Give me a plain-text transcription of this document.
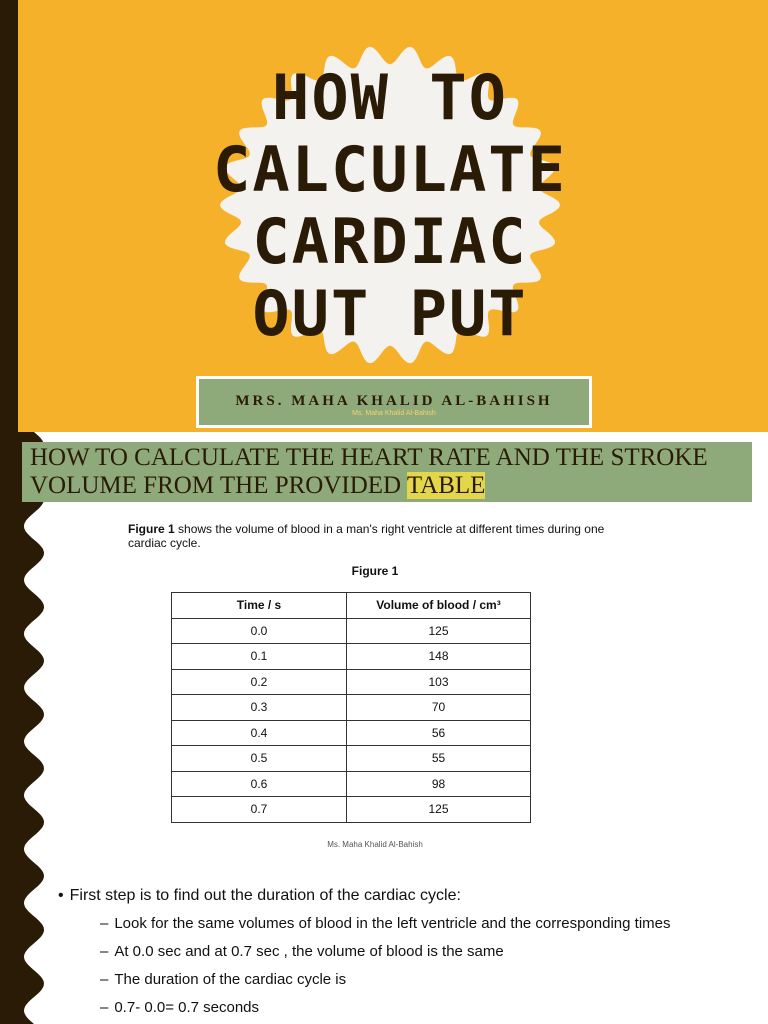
HOW TO
CALCULATE
CARDIAC
OUT PUT
MRS. MAHA KHALID AL-BAHISH
Ms. Maha Khalid Al-Bahish
HOW TO CALCULATE THE HEART RATE AND THE STROKE VOLUME FROM THE PROVIDED TABLE
Figure 1 shows the volume of blood in a man's right ventricle at different times during one cardiac cycle.
Figure 1
Time / s	Volume of blood / cm³
0.0	125
0.1	148
0.2	103
0.3	70
0.4	56
0.5	55
0.6	98
0.7	125
Ms. Maha Khalid Al-Bahish
• First step is to find out the duration of the cardiac cycle:
– Look for the same volumes of blood in the left ventricle and the corresponding times
– At 0.0 sec and at 0.7 sec , the volume of blood is the same
– The duration of the cardiac cycle is
– 0.7- 0.0= 0.7 seconds
